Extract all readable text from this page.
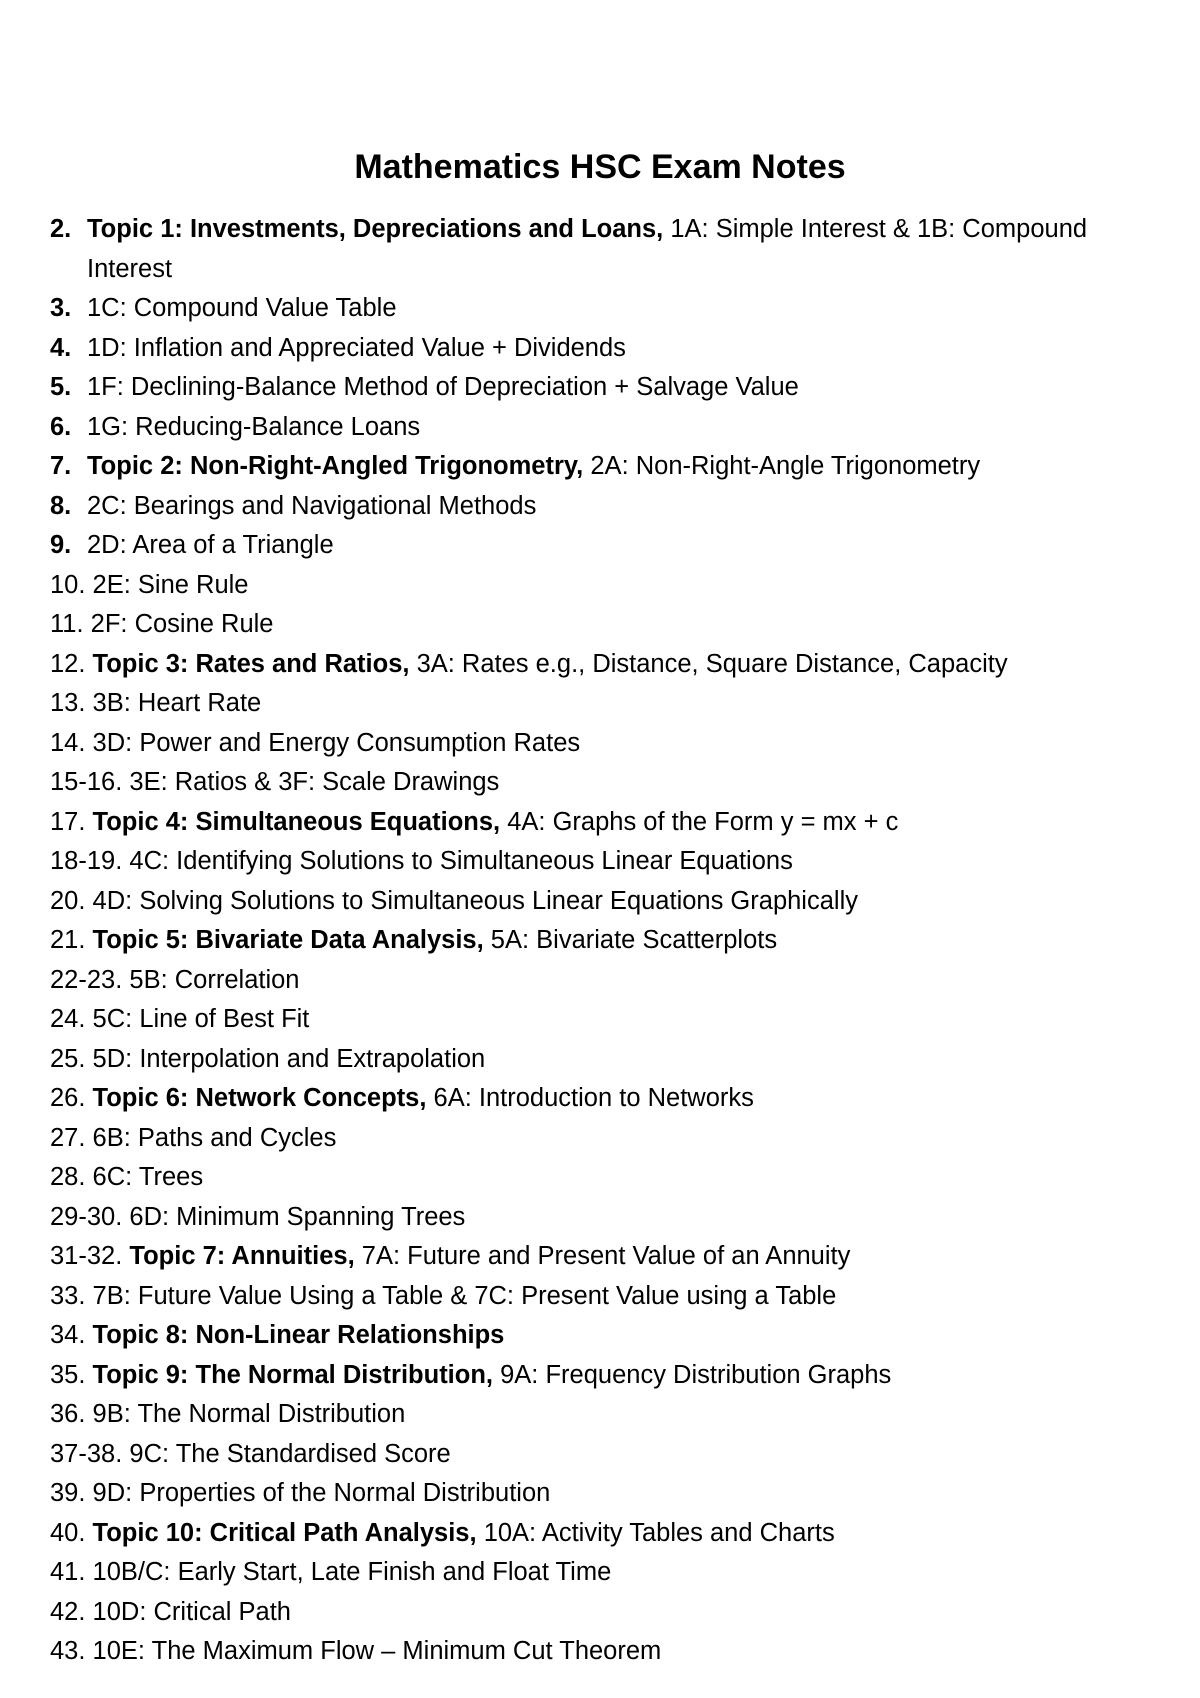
Mathematics HSC Exam Notes
2. Topic 1: Investments, Depreciations and Loans, 1A: Simple Interest & 1B: Compound Interest
3. 1C: Compound Value Table
4. 1D: Inflation and Appreciated Value + Dividends
5. 1F: Declining-Balance Method of Depreciation + Salvage Value
6. 1G: Reducing-Balance Loans
7. Topic 2: Non-Right-Angled Trigonometry, 2A: Non-Right-Angle Trigonometry
8. 2C: Bearings and Navigational Methods
9. 2D: Area of a Triangle
10. 2E: Sine Rule
11. 2F: Cosine Rule
12. Topic 3: Rates and Ratios, 3A: Rates e.g., Distance, Square Distance, Capacity
13. 3B: Heart Rate
14. 3D: Power and Energy Consumption Rates
15-16. 3E: Ratios & 3F: Scale Drawings
17. Topic 4: Simultaneous Equations, 4A: Graphs of the Form y = mx + c
18-19. 4C: Identifying Solutions to Simultaneous Linear Equations
20. 4D: Solving Solutions to Simultaneous Linear Equations Graphically
21. Topic 5: Bivariate Data Analysis, 5A: Bivariate Scatterplots
22-23. 5B: Correlation
24. 5C: Line of Best Fit
25. 5D: Interpolation and Extrapolation
26. Topic 6: Network Concepts, 6A: Introduction to Networks
27. 6B: Paths and Cycles
28. 6C: Trees
29-30. 6D: Minimum Spanning Trees
31-32. Topic 7: Annuities, 7A: Future and Present Value of an Annuity
33. 7B: Future Value Using a Table & 7C: Present Value using a Table
34. Topic 8: Non-Linear Relationships
35. Topic 9: The Normal Distribution, 9A: Frequency Distribution Graphs
36. 9B: The Normal Distribution
37-38. 9C: The Standardised Score
39. 9D: Properties of the Normal Distribution
40. Topic 10: Critical Path Analysis, 10A: Activity Tables and Charts
41. 10B/C: Early Start, Late Finish and Float Time
42. 10D: Critical Path
43. 10E: The Maximum Flow – Minimum Cut Theorem
